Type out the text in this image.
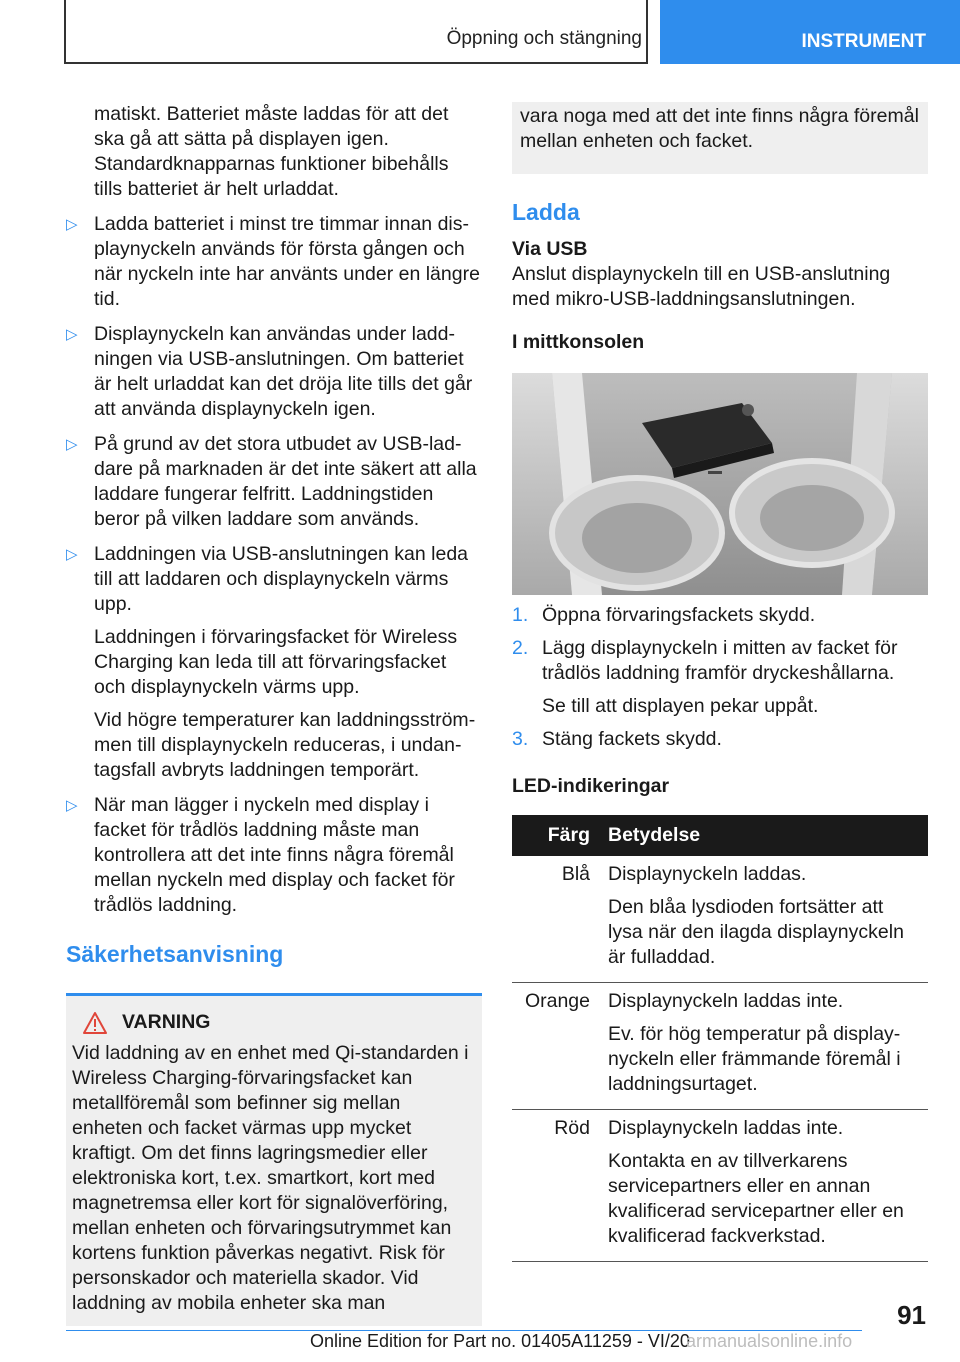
Öppning och stängning	INSTRUMENT

matiskt. Batteriet måste laddas för att det ska gå att sätta på displayen igen. Standardknapparnas funktioner bibehålls tills batteriet är helt urladdat.

▷ Ladda batteriet i minst tre timmar innan displaynyckeln används för första gången och när nyckeln inte har använts under en längre tid.

▷ Displaynyckeln kan användas under laddningen via USB-anslutningen. Om batteriet är helt urladdat kan det dröja lite tills det går att använda displaynyckeln igen.

▷ På grund av det stora utbudet av USB-laddare på marknaden är det inte säkert att alla laddare fungerar felfritt. Laddningstiden beror på vilken laddare som används.

▷ Laddningen via USB-anslutningen kan leda till att laddaren och displaynyckeln värms upp.

Laddningen i förvaringsfacket för Wireless Charging kan leda till att förvaringsfacket och displaynyckeln värms upp.

Vid högre temperaturer kan laddningsströmmen till displaynyckeln reduceras, i undantagsfall avbryts laddningen temporärt.

▷ När man lägger i nyckeln med display i facket för trådlös laddning måste man kontrollera att det inte finns några föremål mellan nyckeln med display och facket för trådlös laddning.

Säkerhetsanvisning
VARNING

Vid laddning av en enhet med Qi-standarden i Wireless Charging-förvaringsfacket kan metallföremål som befinner sig mellan enheten och facket värmas upp mycket kraftigt. Om det finns lagringsmedier eller elektroniska kort, t.ex. smartkort, kort med magnetremsa eller kort för signalöverföring, mellan enheten och förvaringsutrymmet kan kortens funktion påverkas negativt. Risk för personskador och materiella skador. Vid laddning av mobila enheter ska man

vara noga med att det inte finns några föremål mellan enheten och facket.

Ladda
Via USB

Anslut displaynyckeln till en USB-anslutning med mikro-USB-laddningsanslutningen.

I mittkonsolen
1. Öppna förvaringsfackets skydd.

2. Lägg displaynyckeln i mitten av facket för trådlös laddning framför dryckeshållarna.

Se till att displayen pekar uppåt.

3. Stäng fackets skydd.

LED-indikeringar
Färg	Betydelse
Blå	Displaynyckeln laddas.

Den blåa lysdioden fortsätter att lysa när den ilagda displaynyckeln är fulladdad.

Orange	Displaynyckeln laddas inte.

Ev. för hög temperatur på displaynyckeln eller främmande föremål i laddningsurtaget.

Röd	Displaynyckeln laddas inte.

Kontakta en av tillverkarens servicepartners eller en annan kvalificerad servicepartner eller en kvalificerad fackverkstad.

91
Online Edition for Part no. 01405A11259 - VI/20
armanualsonline.info
